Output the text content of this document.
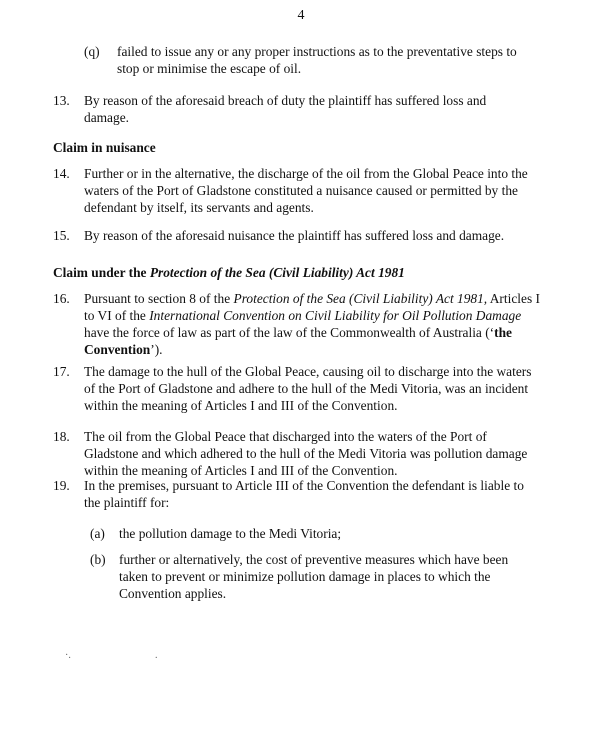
4
(q) failed to issue any or any proper instructions as to the preventative steps to stop or minimise the escape of oil.
13. By reason of the aforesaid breach of duty the plaintiff has suffered loss and damage.
Claim in nuisance
14. Further or in the alternative, the discharge of the oil from the Global Peace into the waters of the Port of Gladstone constituted a nuisance caused or permitted by the defendant by itself, its servants and agents.
15. By reason of the aforesaid nuisance the plaintiff has suffered loss and damage.
Claim under the Protection of the Sea (Civil Liability) Act 1981
16. Pursuant to section 8 of the Protection of the Sea (Civil Liability) Act 1981, Articles I to VI of the International Convention on Civil Liability for Oil Pollution Damage have the force of law as part of the law of the Commonwealth of Australia (‘the Convention’).
17. The damage to the hull of the Global Peace, causing oil to discharge into the waters of the Port of Gladstone and adhere to the hull of the Medi Vitoria, was an incident within the meaning of Articles I and III of the Convention.
18. The oil from the Global Peace that discharged into the waters of the Port of Gladstone and which adhered to the hull of the Medi Vitoria was pollution damage within the meaning of Articles I and III of the Convention.
19. In the premises, pursuant to Article III of the Convention the defendant is liable to the plaintiff for:
(a) the pollution damage to the Medi Vitoria;
(b) further or alternatively, the cost of preventive measures which have been taken to prevent or minimize pollution damage in places to which the Convention applies.
·.	.
